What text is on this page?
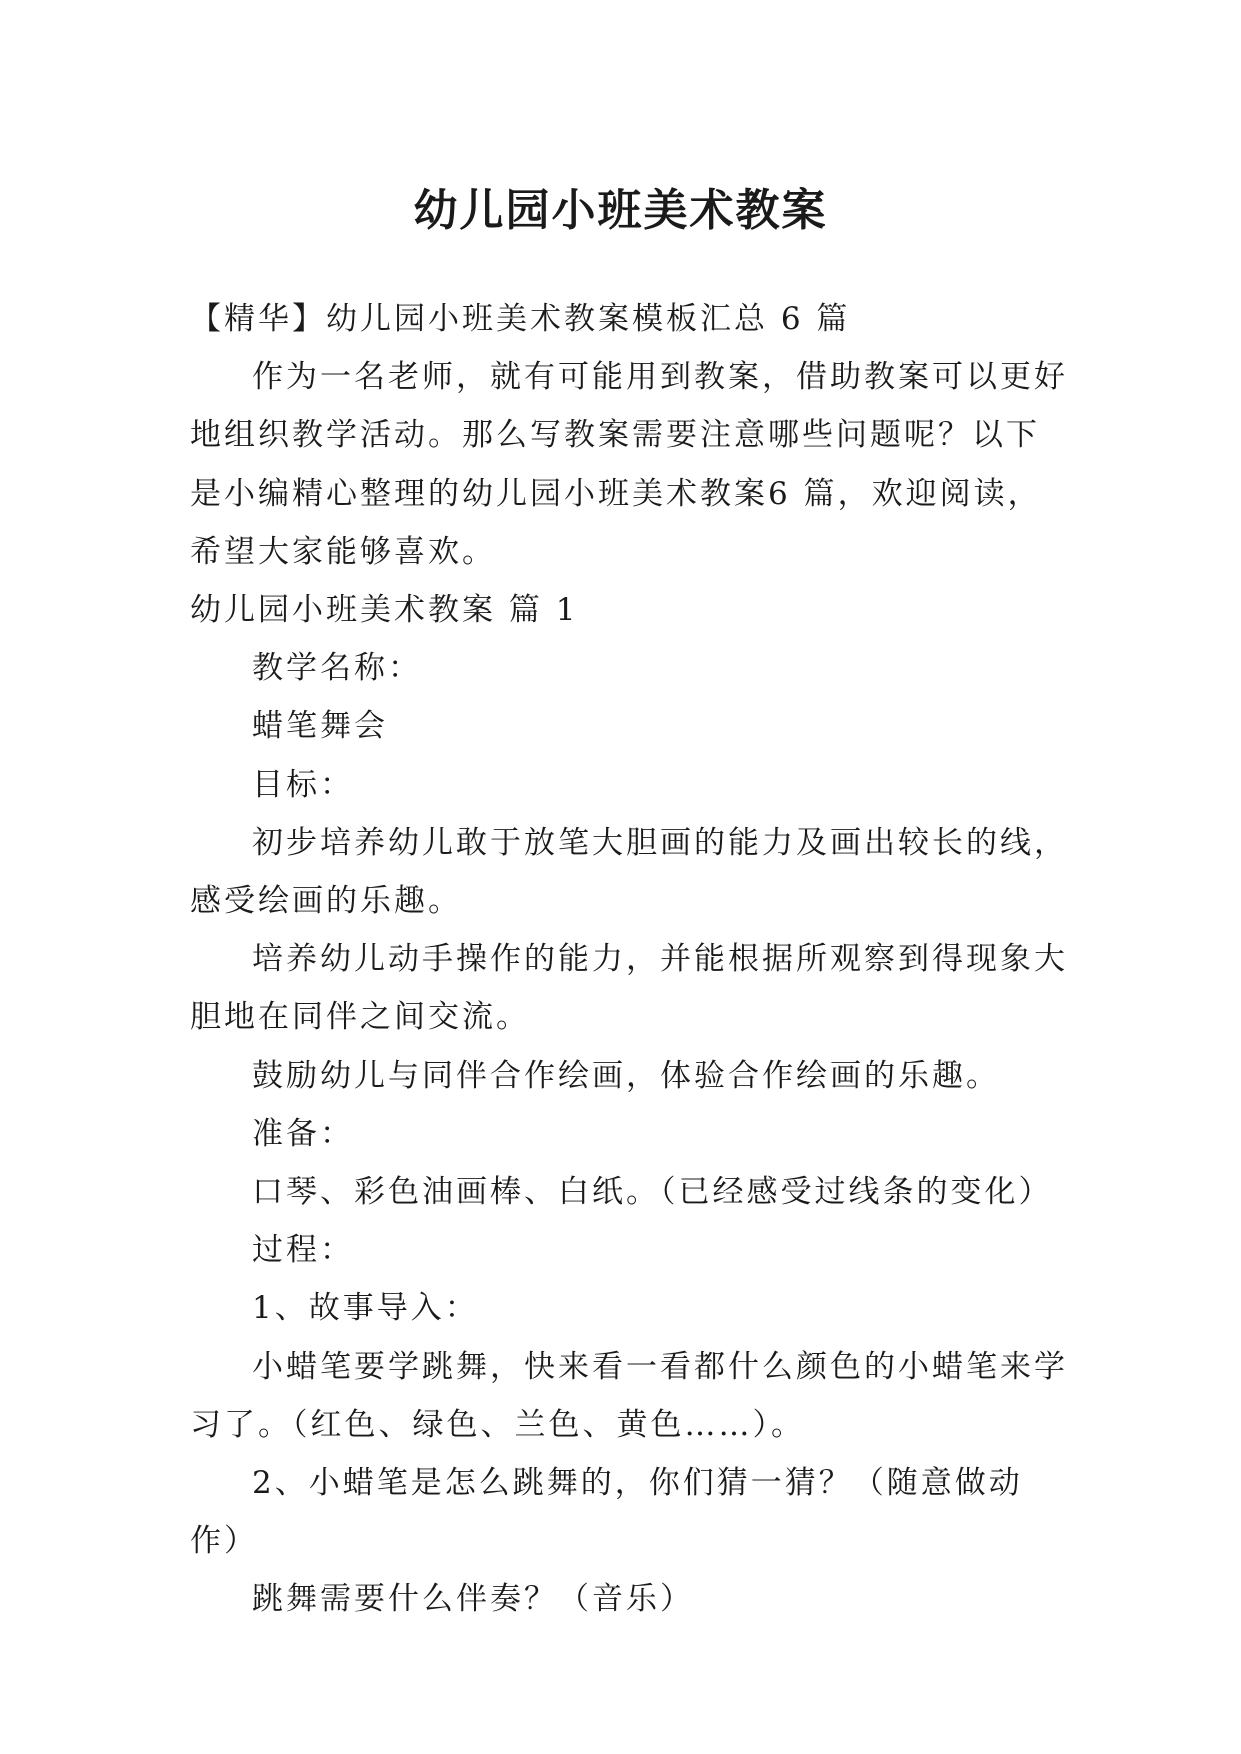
幼儿园小班美术教案

【精华】幼儿园小班美术教案模板汇总 6 篇

作为一名老师，就有可能用到教案，借助教案可以更好地组织教学活动。那么写教案需要注意哪些问题呢？以下是小编精心整理的幼儿园小班美术教案6 篇，欢迎阅读，希望大家能够喜欢。

幼儿园小班美术教案 篇 1

教学名称：

蜡笔舞会

目标：

初步培养幼儿敢于放笔大胆画的能力及画出较长的线，感受绘画的乐趣。

培养幼儿动手操作的能力，并能根据所观察到得现象大胆地在同伴之间交流。

鼓励幼儿与同伴合作绘画，体验合作绘画的乐趣。

准备：

口琴、彩色油画棒、白纸。（已经感受过线条的变化）

过程：

1、故事导入：

小蜡笔要学跳舞，快来看一看都什么颜色的小蜡笔来学习了。（红色、绿色、兰色、黄色……）。

2、小蜡笔是怎么跳舞的，你们猜一猜？（随意做动作）

跳舞需要什么伴奏？（音乐）
